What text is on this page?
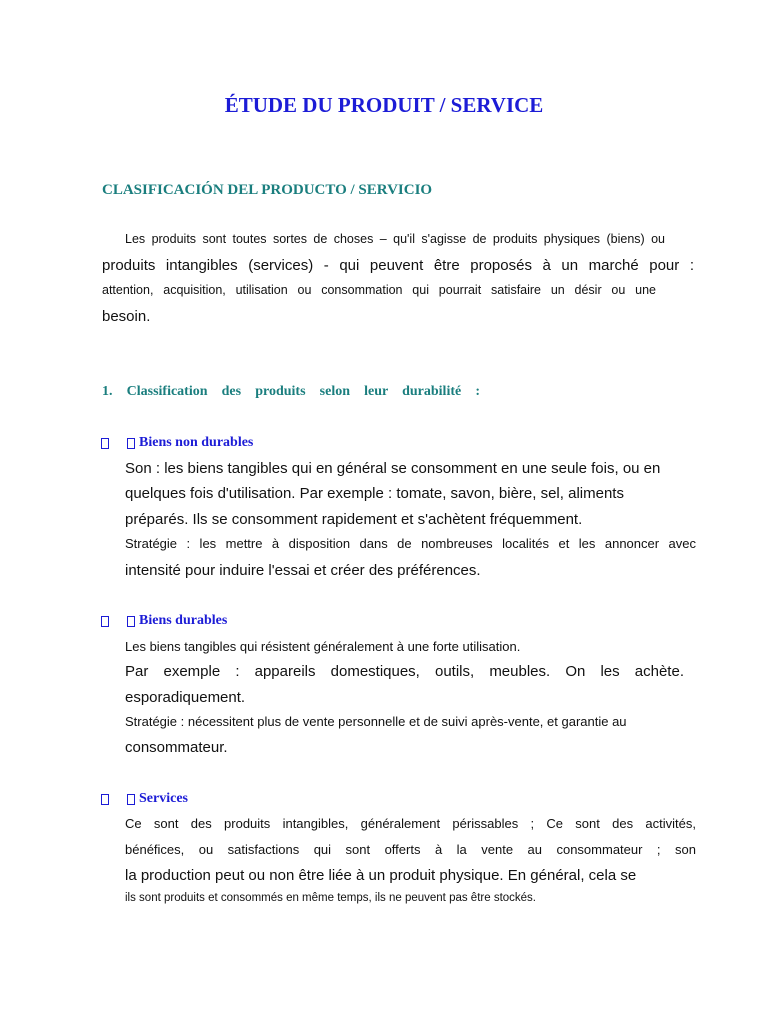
ÉTUDE DU PRODUIT / SERVICE
CLASIFICACIÓN DEL PRODUCTO / SERVICIO

Les produits sont toutes sortes de choses – qu'il s'agisse de produits physiques (biens) ou

produits intangibles (services) - qui peuvent être proposés à un marché pour :

attention, acquisition, utilisation ou consommation qui pourrait satisfaire un désir ou une

besoin.

1. Classification des produits selon leur durabilité :
Biens non durables

Son : les biens tangibles qui en général se consomment en une seule fois, ou en

quelques fois d'utilisation. Par exemple : tomate, savon, bière, sel, aliments

préparés. Ils se consomment rapidement et s'achètent fréquemment.

Stratégie : les mettre à disposition dans de nombreuses localités et les annoncer avec

intensité pour induire l'essai et créer des préférences.

Biens durables

Les biens tangibles qui résistent généralement à une forte utilisation.

Par exemple : appareils domestiques, outils, meubles. On les achète.

esporadiquement.

Stratégie : nécessitent plus de vente personnelle et de suivi après-vente, et garantie au

consommateur.

Services

Ce sont des produits intangibles, généralement périssables ; Ce sont des activités,

bénéfices, ou satisfactions qui sont offerts à la vente au consommateur ; son

la production peut ou non être liée à un produit physique. En général, cela se

ils sont produits et consommés en même temps, ils ne peuvent pas être stockés.
